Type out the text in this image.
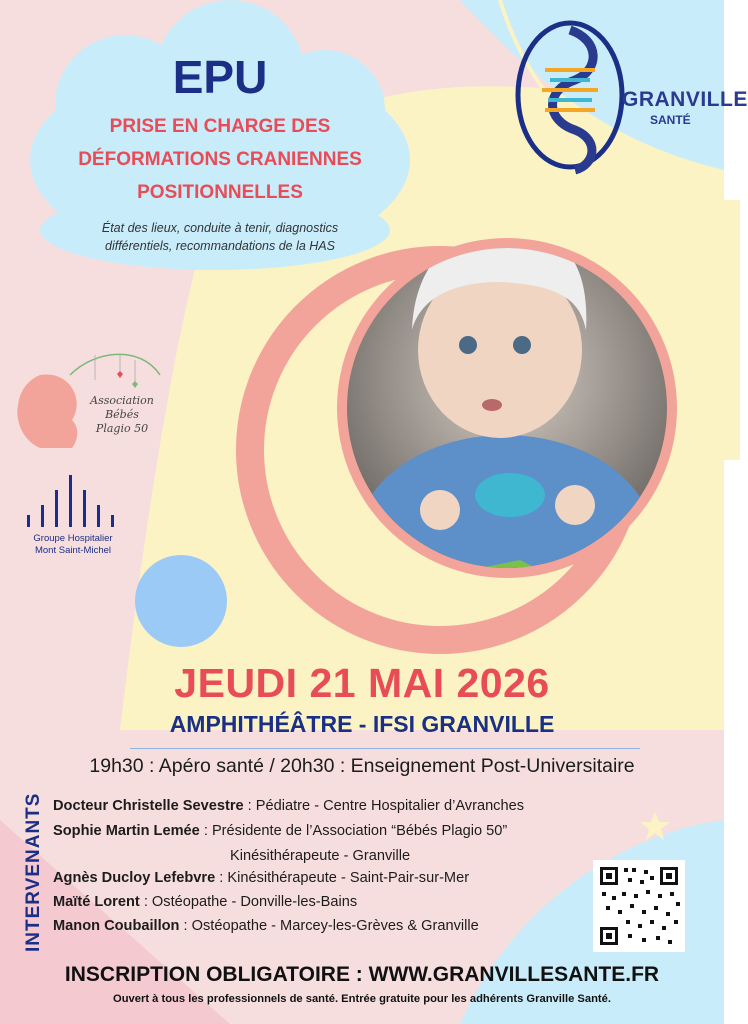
EPU
PRISE EN CHARGE DES
DÉFORMATIONS CRANIENNES
POSITIONNELLES
État des lieux, conduite à tenir, diagnostics
différentiels, recommandations de la HAS
GRANVILLE
SANTÉ
Association
Bébés
Plagio 50
Groupe Hospitalier
Mont Saint-Michel
JEUDI 21 MAI 2026
AMPHITHÉÂTRE - IFSI GRANVILLE
19h30 : Apéro santé / 20h30 : Enseignement Post-Universitaire
INTERVENANTS Docteur Christelle Sevestre : Pédiatre - Centre Hospitalier d’Avranches
Sophie Martin Lemée : Présidente de l’Association “Bébés Plagio 50”
Kinésithérapeute - Granville
Agnès Ducloy Lefebvre : Kinésithérapeute - Saint-Pair-sur-Mer
Maïté Lorent : Ostéopathe - Donville-les-Bains
Manon Coubaillon : Ostéopathe - Marcey-les-Grèves & Granville
INSCRIPTION OBLIGATOIRE : WWW.GRANVILLESANTE.FR
Ouvert à tous les professionnels de santé. Entrée gratuite pour les adhérents Granville Santé.
